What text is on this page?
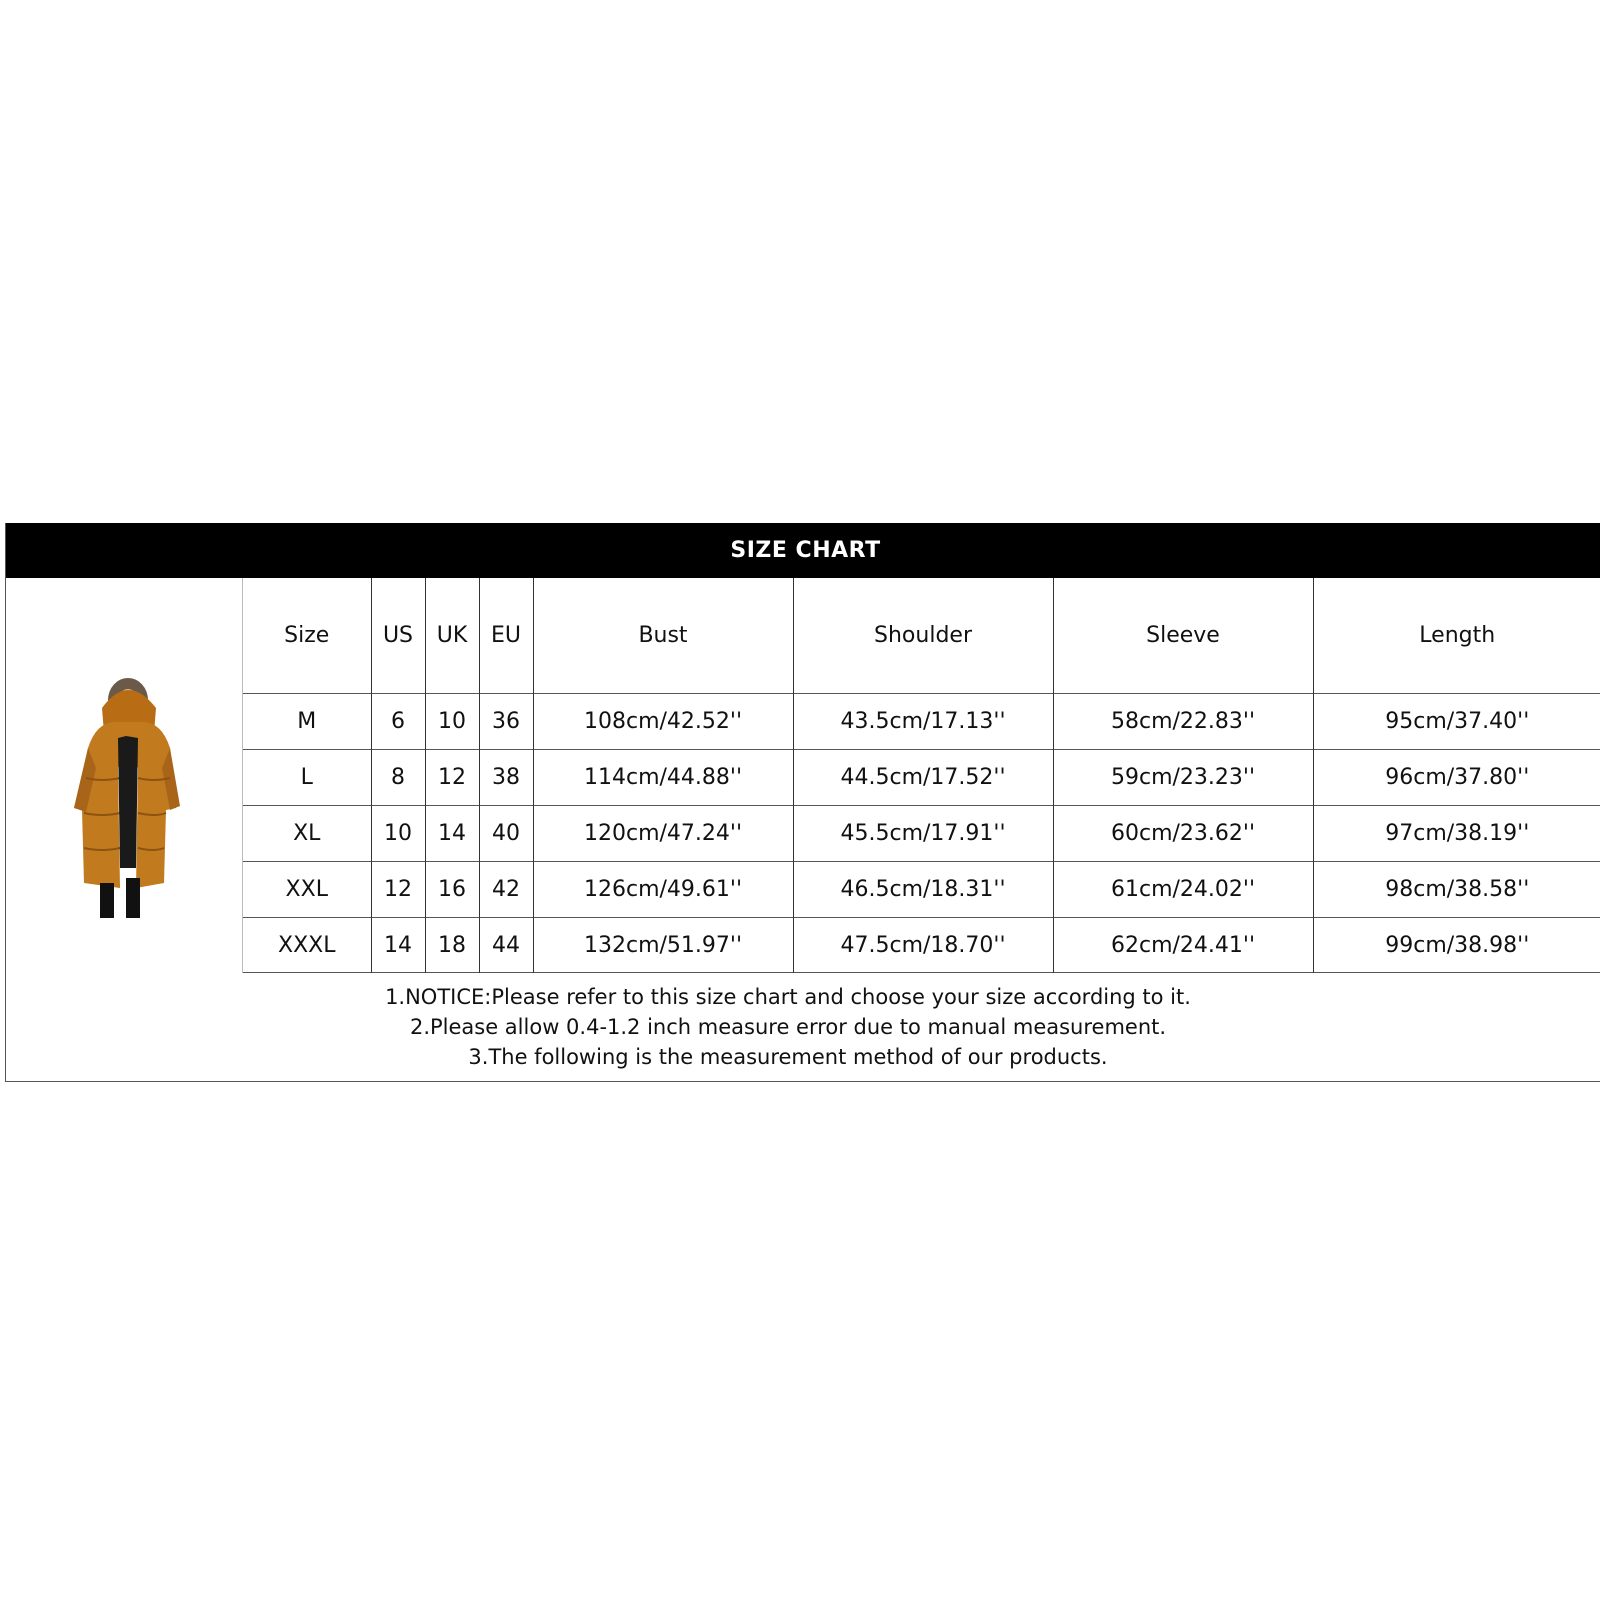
SIZE CHART
Size	US	UK	EU	Bust	Shoulder	Sleeve	Length
M	6	10	36	108cm/42.52''	43.5cm/17.13''	58cm/22.83''	95cm/37.40''
L	8	12	38	114cm/44.88''	44.5cm/17.52''	59cm/23.23''	96cm/37.80''
XL	10	14	40	120cm/47.24''	45.5cm/17.91''	60cm/23.62''	97cm/38.19''
XXL	12	16	42	126cm/49.61''	46.5cm/18.31''	61cm/24.02''	98cm/38.58''
XXXL	14	18	44	132cm/51.97''	47.5cm/18.70''	62cm/24.41''	99cm/38.98''
1.NOTICE:Please refer to this size chart and choose your size according to it.
2.Please allow 0.4-1.2 inch measure error due to manual measurement.
3.The following is the measurement method of our products.
